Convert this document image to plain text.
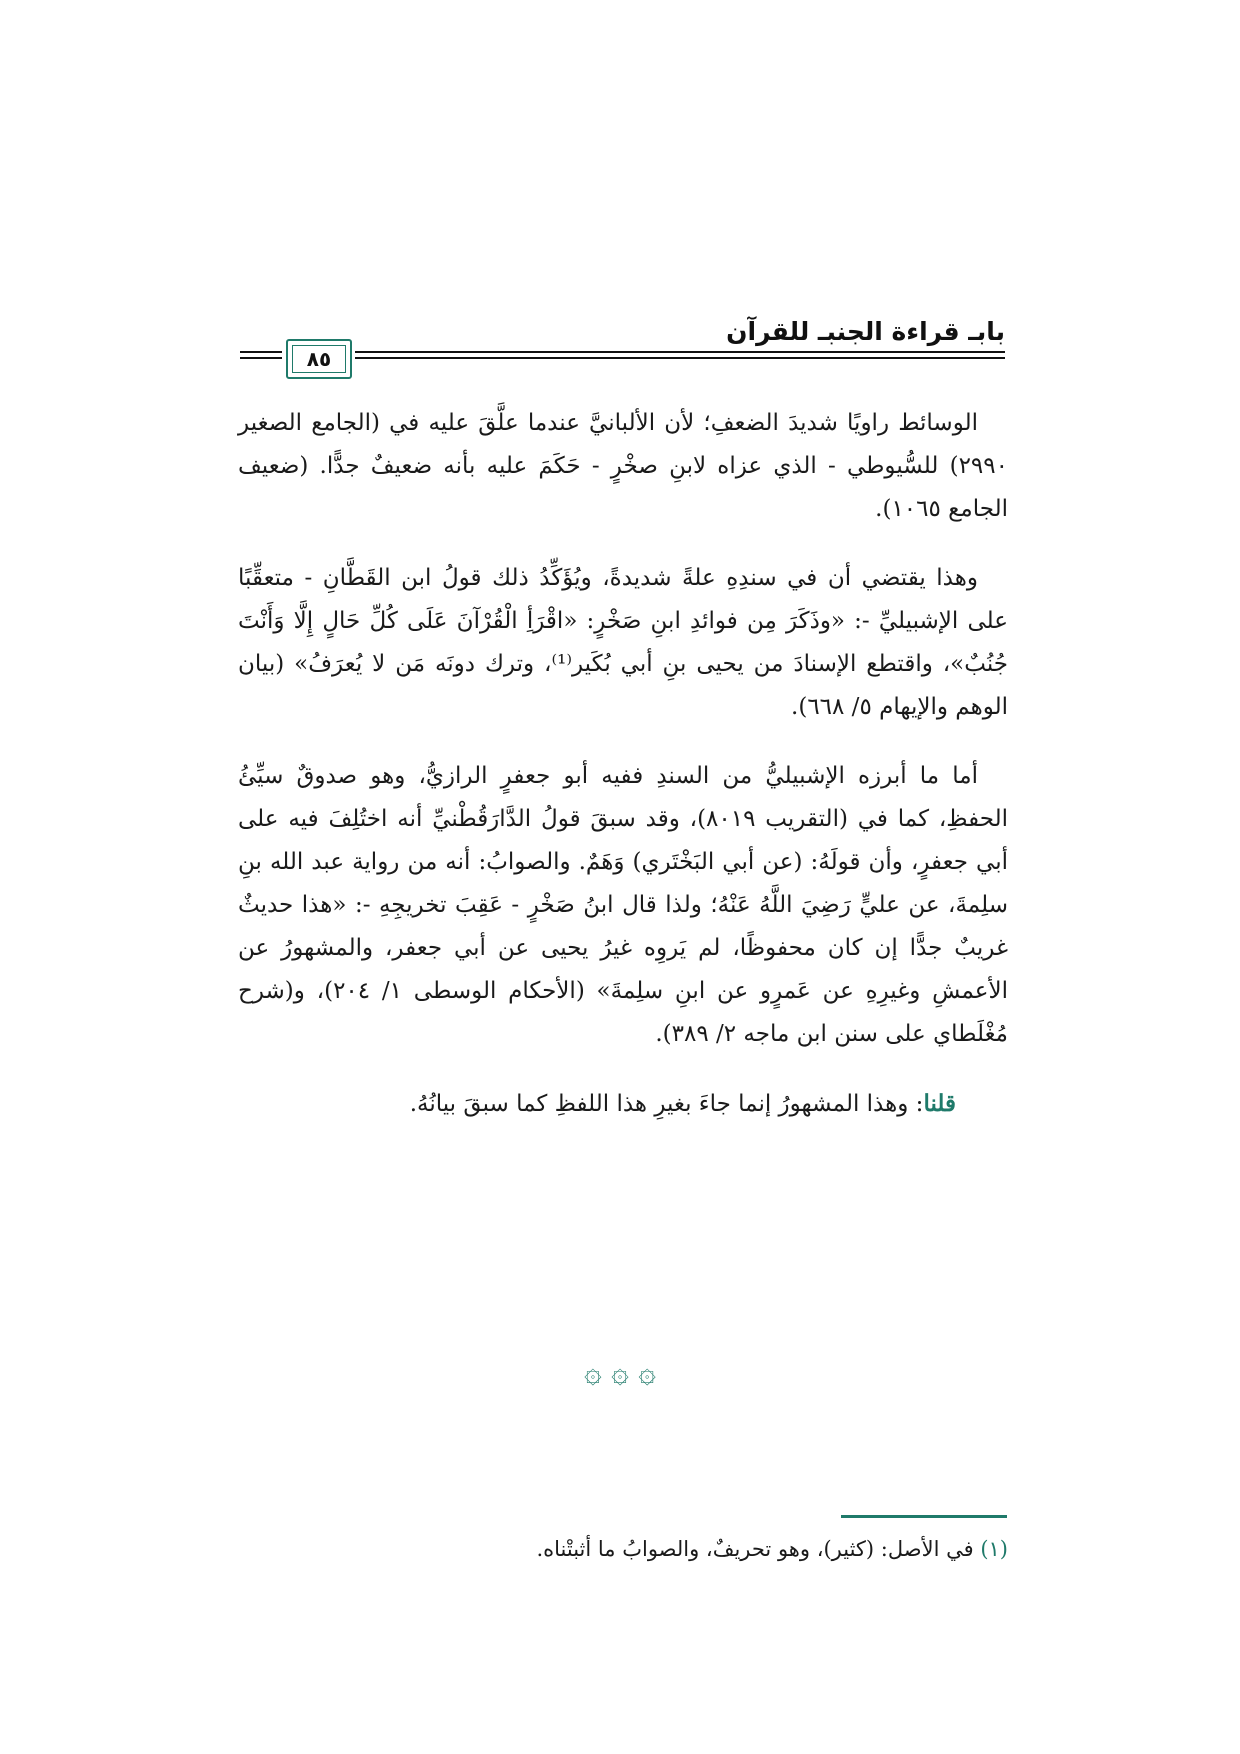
بابـ قراءة الجنبـ للقرآن
٨٥

الوسائط راويًا شديدَ الضعفِ؛ لأن الألبانيَّ عندما علَّقَ عليه في (الجامع الصغير ٢٩٩٠) للسُّيوطي - الذي عزاه لابنِ صخْرٍ - حَكَمَ عليه بأنه ضعيفٌ جدًّا. (ضعيف الجامع ١٠٦٥).

وهذا يقتضي أن في سندِهِ علةً شديدةً، ويُؤَكِّدُ ذلك قولُ ابن القَطَّانِ - متعقِّبًا على الإشبيليِّ -: «وذَكَرَ مِن فوائدِ ابنِ صَخْرٍ: «اقْرَأِ الْقُرْآنَ عَلَى كُلِّ حَالٍ إِلَّا وَأَنْتَ جُنُبٌ»، واقتطع الإسنادَ من يحيى بنِ أبي بُكَير⁽¹⁾، وترك دونَه مَن لا يُعرَفُ» (بيان الوهم والإيهام ٥/ ٦٦٨).

أما ما أبرزه الإشبيليُّ من السندِ ففيه أبو جعفرٍ الرازيُّ، وهو صدوقٌ سيِّئُ الحفظِ، كما في (التقريب ٨٠١٩)، وقد سبقَ قولُ الدَّارَقُطْنيِّ أنه اختُلِفَ فيه على أبي جعفرٍ، وأن قولَهُ: (عن أبي البَخْتَري) وَهَمٌ. والصوابُ: أنه من رواية عبد الله بنِ سلِمةَ، عن عليٍّ رَضِيَ اللَّهُ عَنْهُ؛ ولذا قال ابنُ صَخْرٍ - عَقِبَ تخريجِهِ -: «هذا حديثٌ غريبٌ جدًّا إن كان محفوظًا، لم يَروِه غيرُ يحيى عن أبي جعفر، والمشهورُ عن الأعمشِ وغيرِهِ عن عَمرٍو عن ابنِ سلِمةَ» (الأحكام الوسطى ١/ ٢٠٤)، و(شرح مُغْلَطاي على سنن ابن ماجه ٢/ ٣٨٩).

قلنا: وهذا المشهورُ إنما جاءَ بغيرِ هذا اللفظِ كما سبقَ بيانُهُ.

۞ ۞ ۞
(١) في الأصل: (كثير)، وهو تحريفٌ، والصوابُ ما أثبتْناه.
